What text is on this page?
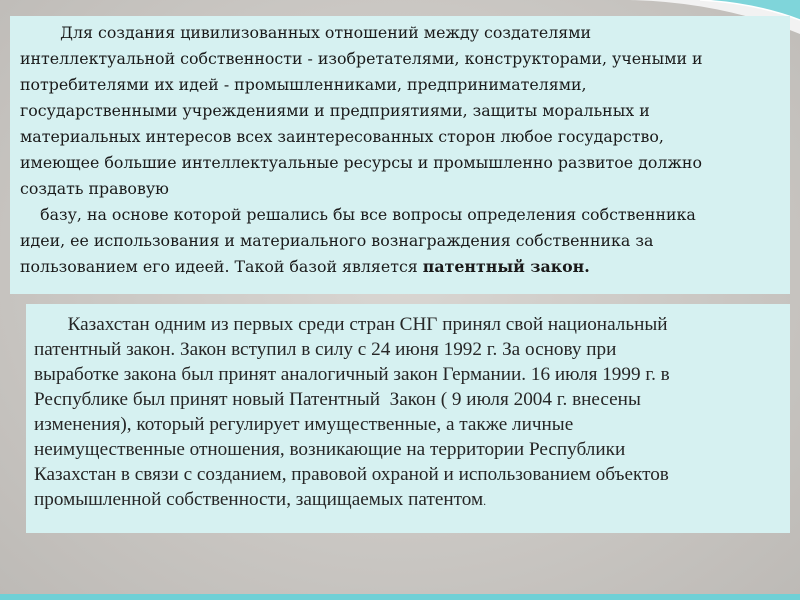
Для создания цивилизованных отношений между создателями
интеллектуальной собственности - изобретателями, конструкторами, учеными и
потребителями их идей - промышленниками, предпринимателями,
государственными учреждениями и предприятиями, защиты моральных и
материальных интересов всех заинтересованных сторон любое государство,
имеющее большие интеллектуальные ресурсы и промышленно развитое должно
создать правовую
базу, на основе которой решались бы все вопросы определения собственника
идеи, ее использования и материального вознаграждения собственника за
пользованием его идеей. Такой базой является патентный закон.

Казахстан одним из первых среди стран СНГ принял свой национальный
патентный закон. Закон вступил в силу с 24 июня 1992 г. За основу при
выработке закона был принят аналогичный закон Германии. 16 июля 1999 г. в
Республике был принят новый Патентный  Закон ( 9 июля 2004 г. внесены
изменения), который регулирует имущественные, а также личные
неимущественные отношения, возникающие на территории Республики
Казахстан в связи с созданием, правовой охраной и использованием объектов
промышленной собственности, защищаемых патентом.
